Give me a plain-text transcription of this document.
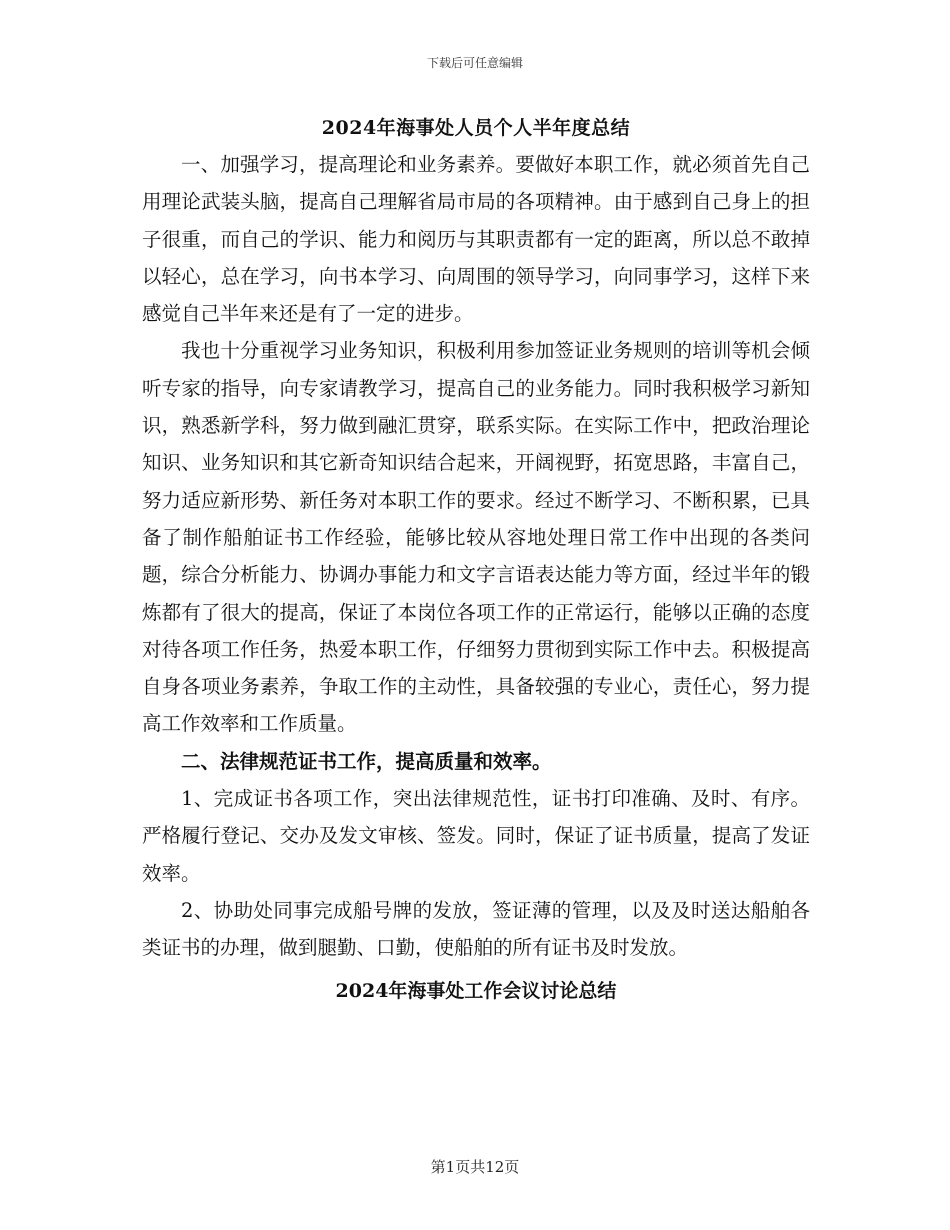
下载后可任意编辑

2024年海事处人员个人半年度总结

一、加强学习，提高理论和业务素养。要做好本职工作，就必须首先自己用理论武装头脑，提高自己理解省局市局的各项精神。由于感到自己身上的担子很重，而自己的学识、能力和阅历与其职责都有一定的距离，所以总不敢掉以轻心，总在学习，向书本学习、向周围的领导学习，向同事学习，这样下来感觉自己半年来还是有了一定的进步。

我也十分重视学习业务知识，积极利用参加签证业务规则的培训等机会倾听专家的指导，向专家请教学习，提高自己的业务能力。同时我积极学习新知识，熟悉新学科，努力做到融汇贯穿，联系实际。在实际工作中，把政治理论知识、业务知识和其它新奇知识结合起来，开阔视野，拓宽思路，丰富自己，努力适应新形势、新任务对本职工作的要求。经过不断学习、不断积累，已具备了制作船舶证书工作经验，能够比较从容地处理日常工作中出现的各类问题，综合分析能力、协调办事能力和文字言语表达能力等方面，经过半年的锻炼都有了很大的提高，保证了本岗位各项工作的正常运行，能够以正确的态度对待各项工作任务，热爱本职工作，仔细努力贯彻到实际工作中去。积极提高自身各项业务素养，争取工作的主动性，具备较强的专业心，责任心，努力提高工作效率和工作质量。

二、法律规范证书工作，提高质量和效率。

1、完成证书各项工作，突出法律规范性，证书打印准确、及时、有序。严格履行登记、交办及发文审核、签发。同时，保证了证书质量，提高了发证效率。

2、协助处同事完成船号牌的发放，签证薄的管理，以及及时送达船舶各类证书的办理，做到腿勤、口勤，使船舶的所有证书及时发放。

2024年海事处工作会议讨论总结

第1页共12页
